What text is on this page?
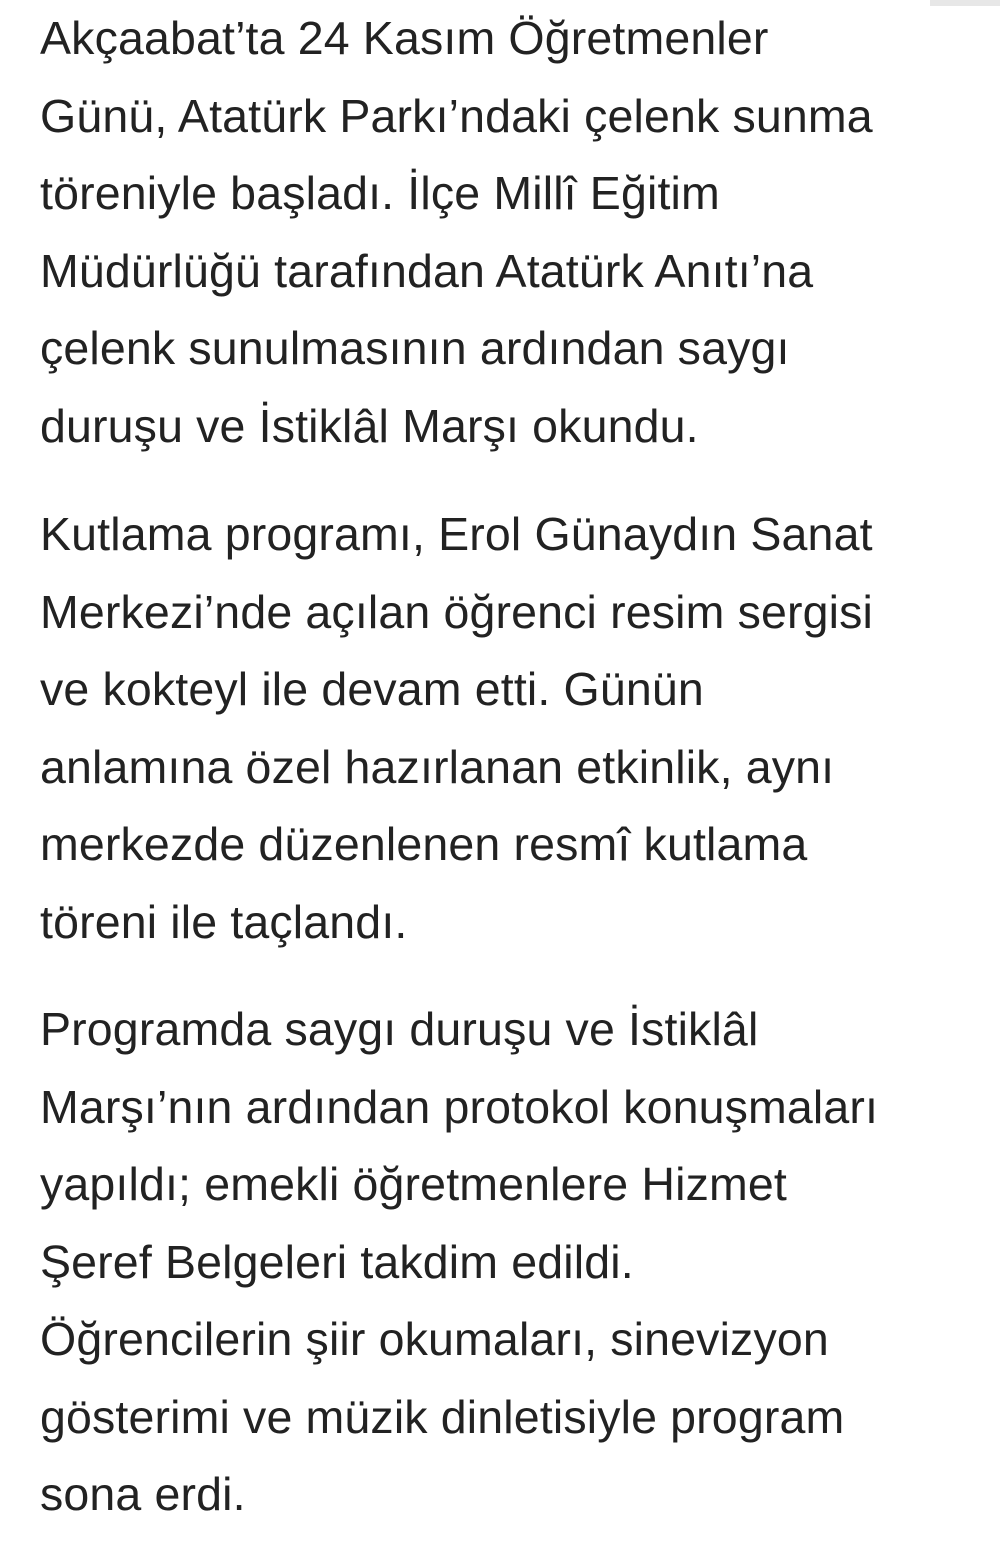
Akçaabat’ta 24 Kasım Öğretmenler
Günü, Atatürk Parkı’ndaki çelenk sunma
töreniyle başladı. İlçe Millî Eğitim
Müdürlüğü tarafından Atatürk Anıtı’na
çelenk sunulmasının ardından saygı
duruşu ve İstiklâl Marşı okundu.

Kutlama programı, Erol Günaydın Sanat
Merkezi’nde açılan öğrenci resim sergisi
ve kokteyl ile devam etti. Günün
anlamına özel hazırlanan etkinlik, aynı
merkezde düzenlenen resmî kutlama
töreni ile taçlandı.

Programda saygı duruşu ve İstiklâl
Marşı’nın ardından protokol konuşmaları
yapıldı; emekli öğretmenlere Hizmet
Şeref Belgeleri takdim edildi.
Öğrencilerin şiir okumaları, sinevizyon
gösterimi ve müzik dinletisiyle program
sona erdi.
